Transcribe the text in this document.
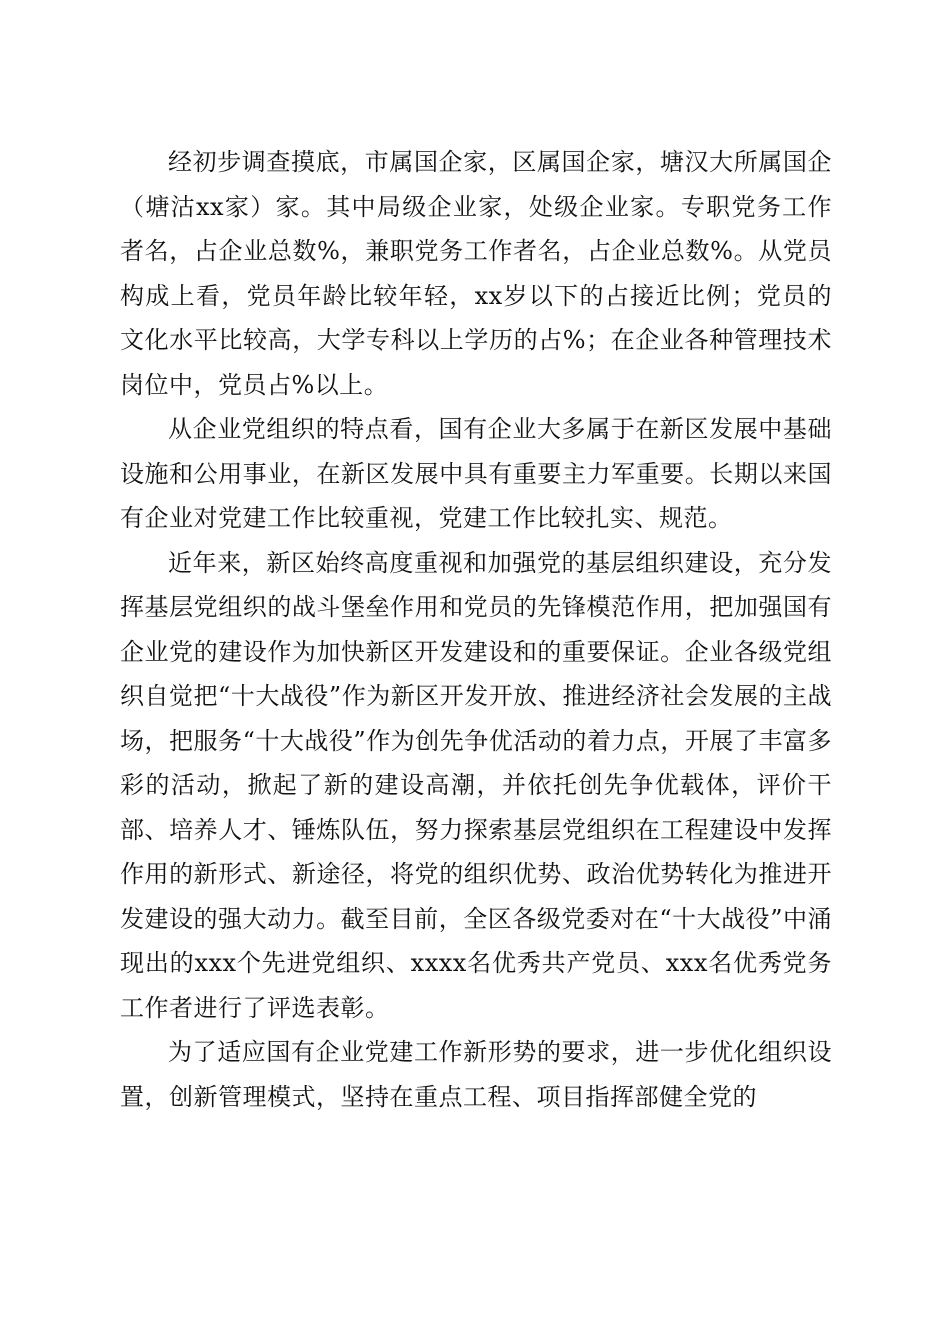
经初步调查摸底，市属国企家，区属国企家，塘汉大所属国企（塘沽xx家）家。其中局级企业家，处级企业家。专职党务工作者名，占企业总数%，兼职党务工作者名，占企业总数%。从党员构成上看，党员年龄比较年轻，xx岁以下的占接近比例；党员的文化水平比较高，大学专科以上学历的占%；在企业各种管理技术岗位中，党员占%以上。

从企业党组织的特点看，国有企业大多属于在新区发展中基础设施和公用事业，在新区发展中具有重要主力军重要。长期以来国有企业对党建工作比较重视，党建工作比较扎实、规范。

近年来，新区始终高度重视和加强党的基层组织建设，充分发挥基层党组织的战斗堡垒作用和党员的先锋模范作用，把加强国有企业党的建设作为加快新区开发建设和的重要保证。企业各级党组织自觉把“十大战役”作为新区开发开放、推进经济社会发展的主战场，把服务“十大战役”作为创先争优活动的着力点，开展了丰富多彩的活动，掀起了新的建设高潮，并依托创先争优载体，评价干部、培养人才、锤炼队伍，努力探索基层党组织在工程建设中发挥作用的新形式、新途径，将党的组织优势、政治优势转化为推进开发建设的强大动力。截至目前，全区各级党委对在“十大战役”中涌现出的xxx个先进党组织、xxxx名优秀共产党员、xxx名优秀党务工作者进行了评选表彰。

为了适应国有企业党建工作新形势的要求，进一步优化组织设置，创新管理模式，坚持在重点工程、项目指挥部健全党的
